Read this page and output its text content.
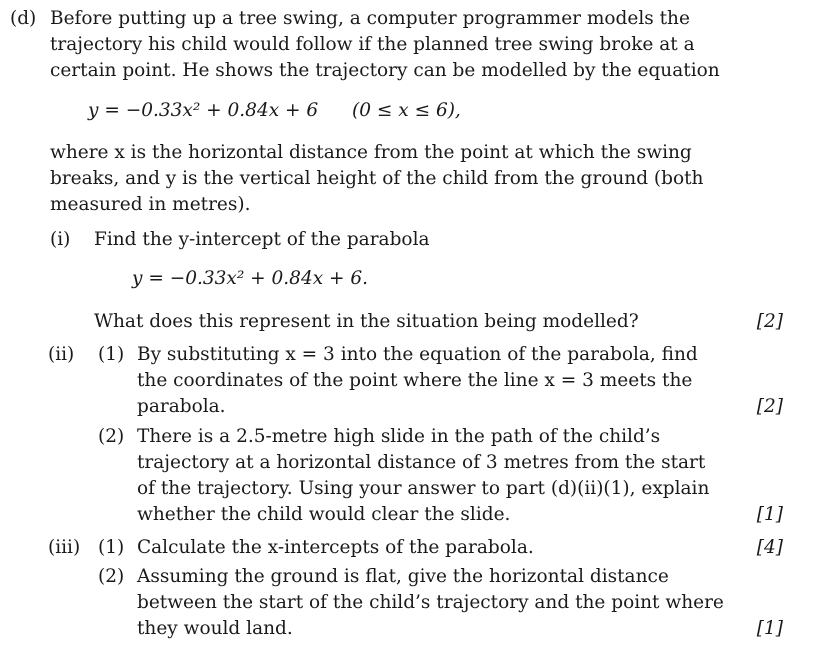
(d) Before putting up a tree swing, a computer programmer models the
trajectory his child would follow if the planned tree swing broke at a
certain point. He shows the trajectory can be modelled by the equation
y = −0.33x² + 0.84x + 6 (0 ≤ x ≤ 6),
where x is the horizontal distance from the point at which the swing
breaks, and y is the vertical height of the child from the ground (both
measured in metres).
(i) Find the y-intercept of the parabola
y = −0.33x² + 0.84x + 6.
What does this represent in the situation being modelled?	[2]
(ii) (1) By substituting x = 3 into the equation of the parabola, find
the coordinates of the point where the line x = 3 meets the
parabola.	[2]
(2) There is a 2.5-metre high slide in the path of the child’s
trajectory at a horizontal distance of 3 metres from the start
of the trajectory. Using your answer to part (d)(ii)(1), explain
whether the child would clear the slide.	[1]
(iii) (1) Calculate the x-intercepts of the parabola.	[4]
(2) Assuming the ground is flat, give the horizontal distance
between the start of the child’s trajectory and the point where
they would land.	[1]
